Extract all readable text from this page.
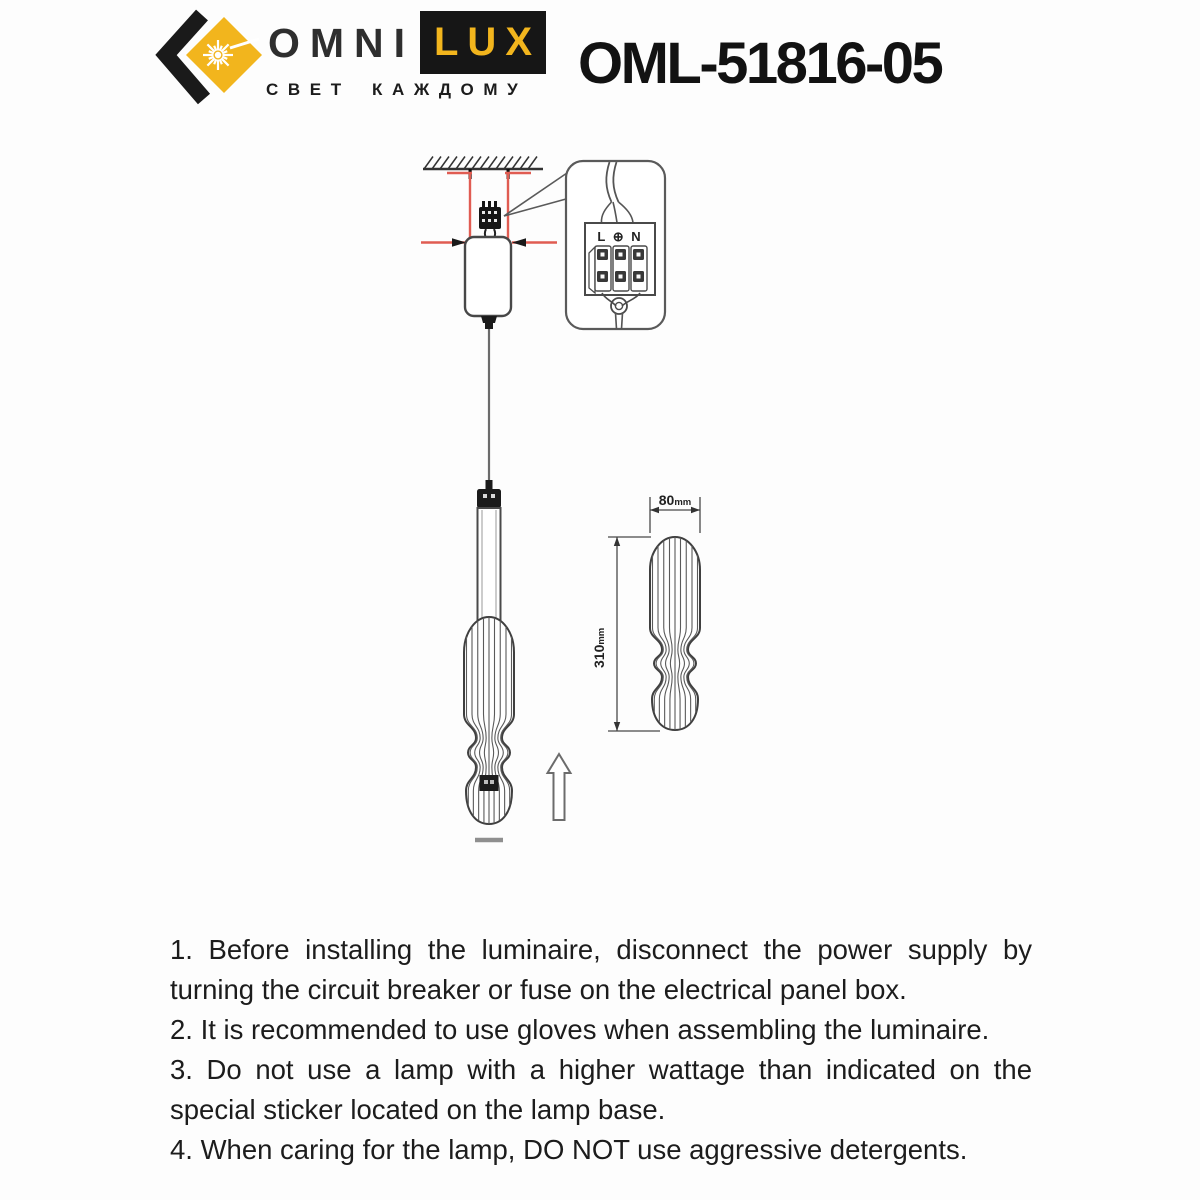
OMNI LUX
СВЕТ КАЖДОМУ OML-51816-05
L ⊕ N
80mm
310mm

1. Before installing the luminaire, disconnect the power supply by turning the circuit breaker or fuse on the electrical panel box.

2. It is recommended to use gloves when assembling the luminaire.

3. Do not use a lamp with a higher wattage than indicated on the special sticker located on the lamp base.

4. When caring for the lamp, DO NOT use aggressive detergents.
